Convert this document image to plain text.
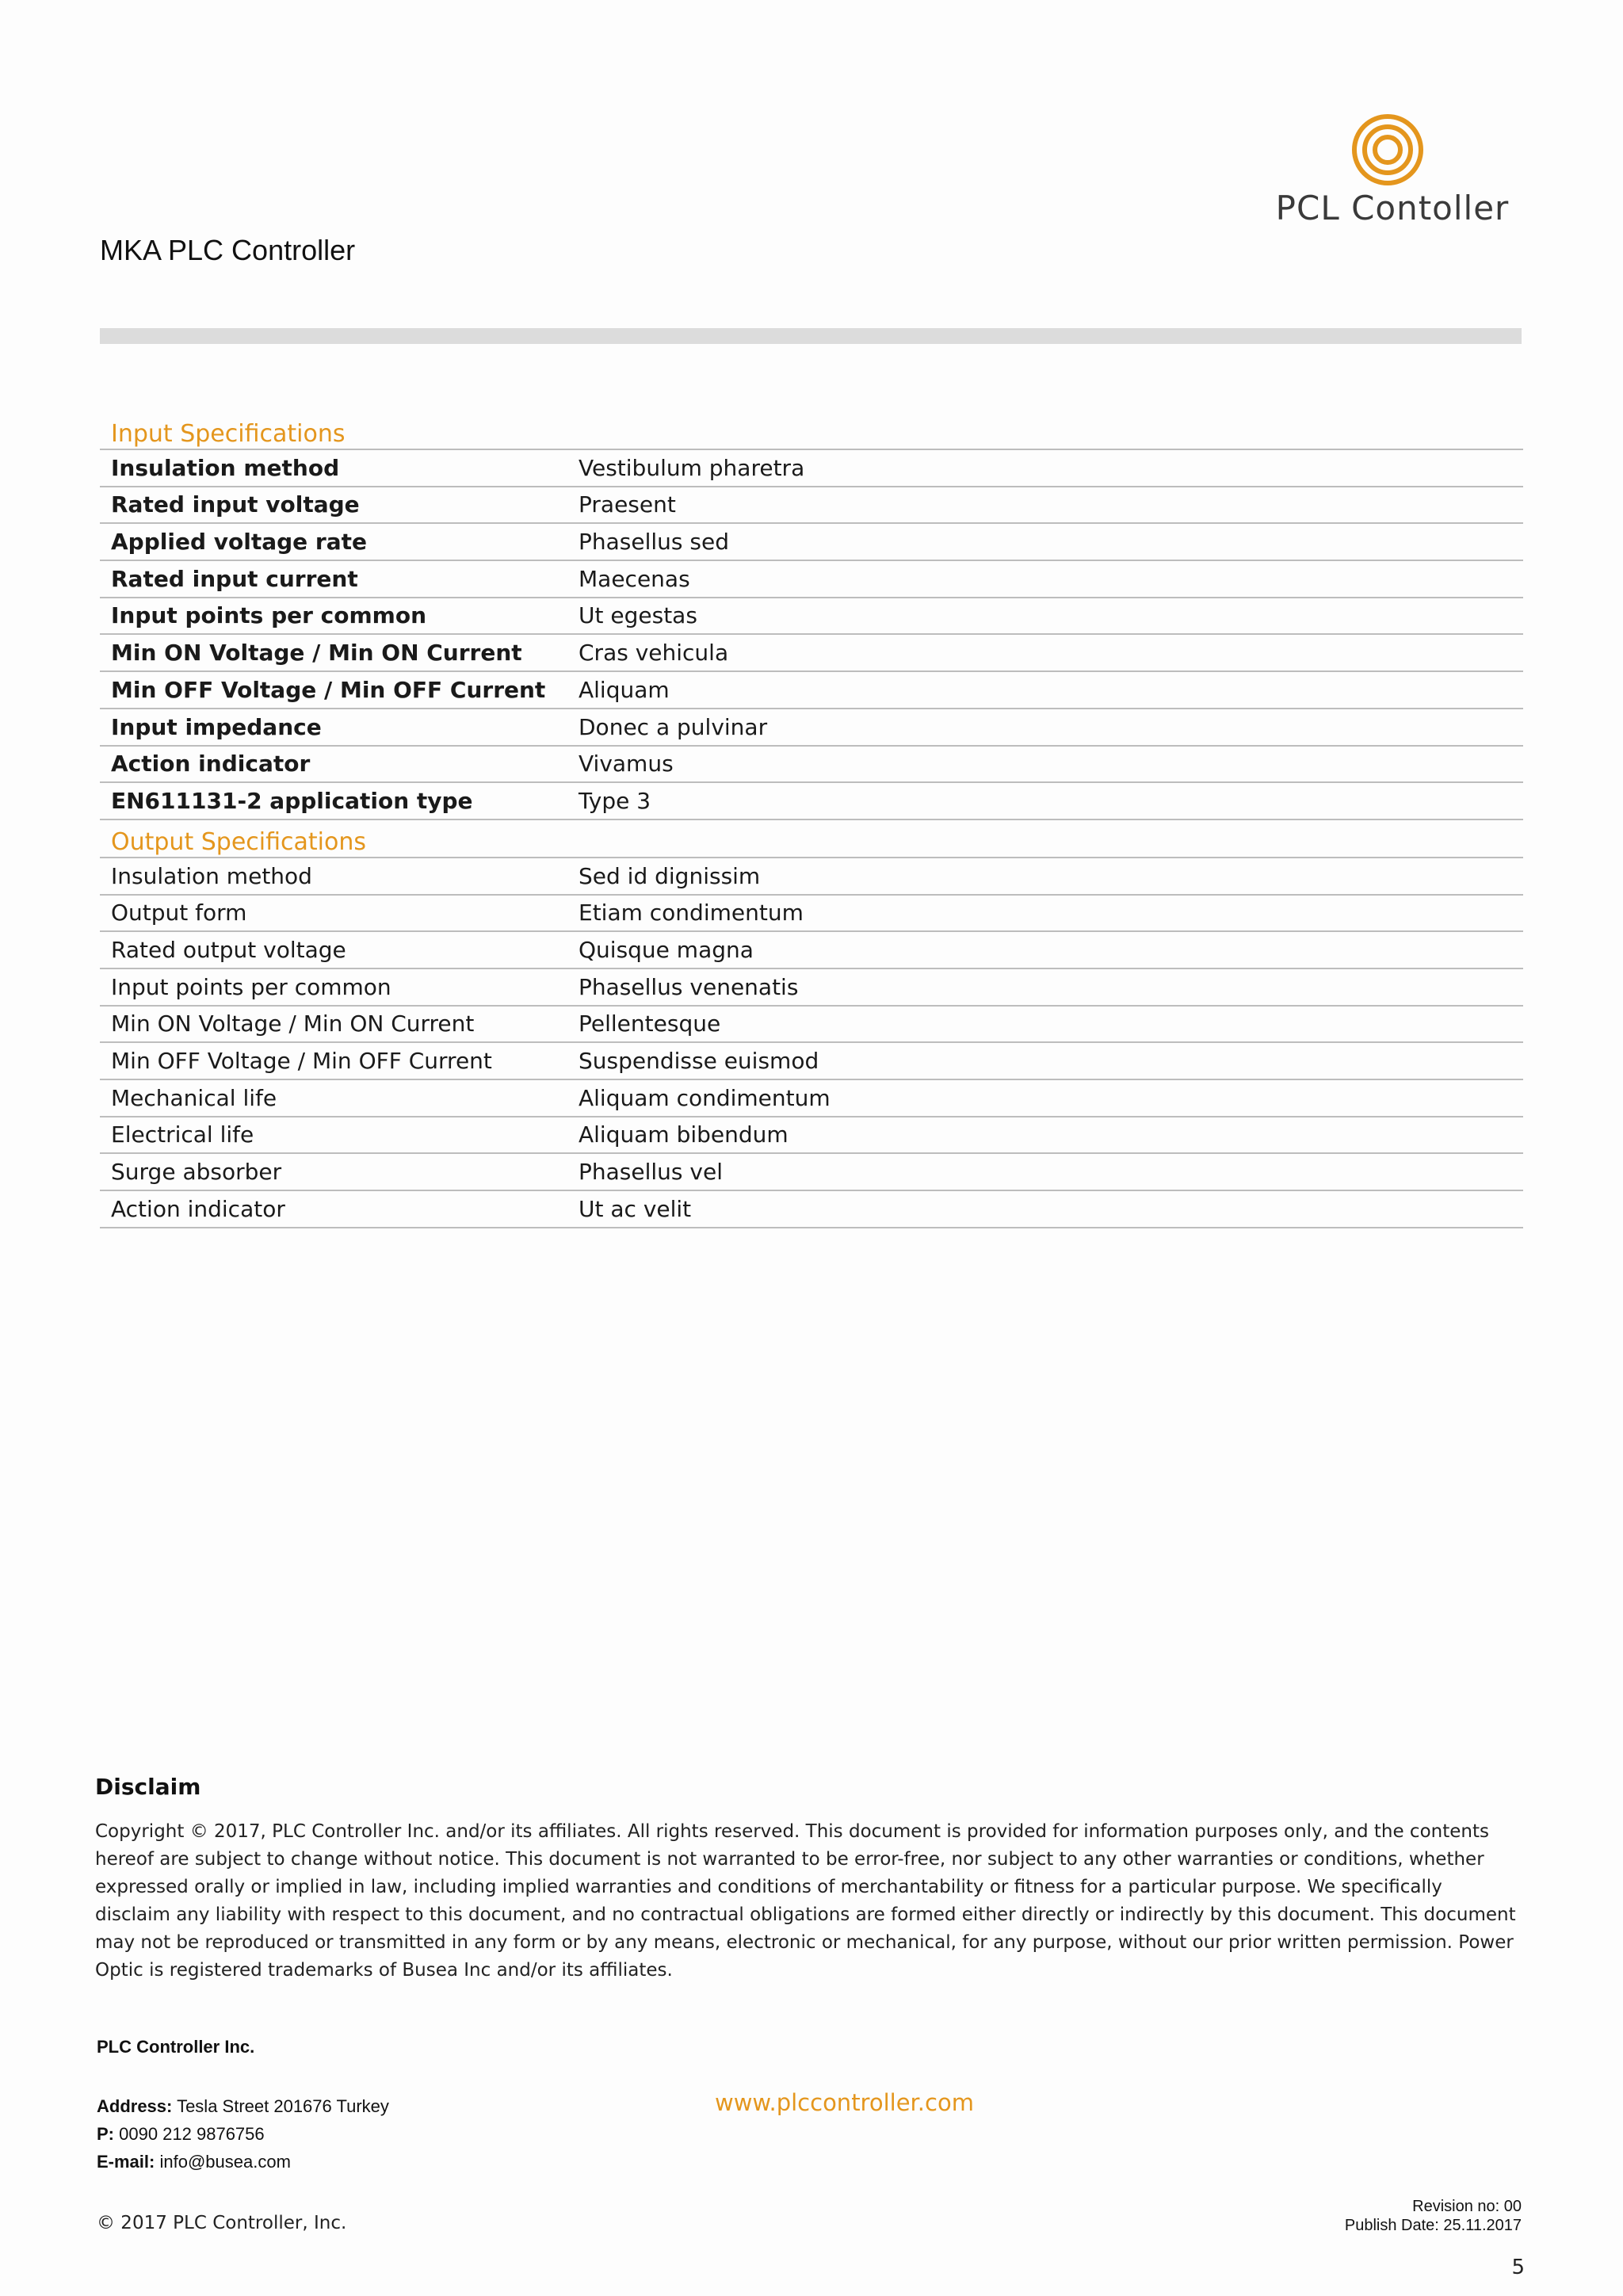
PCL Contoller
MKA PLC Controller
Input Specifications
Insulation method	Vestibulum pharetra
Rated input voltage	Praesent
Applied voltage rate	Phasellus sed
Rated input current	Maecenas
Input points per common	Ut egestas
Min ON Voltage / Min ON Current	Cras vehicula
Min OFF Voltage / Min OFF Current	Aliquam
Input impedance	Donec a pulvinar
Action indicator	Vivamus
EN611131-2 application type	Type 3
Output Specifications
Insulation method	Sed id dignissim
Output form	Etiam condimentum
Rated output voltage	Quisque magna
Input points per common	Phasellus venenatis
Min ON Voltage / Min ON Current	Pellentesque
Min OFF Voltage / Min OFF Current	Suspendisse euismod
Mechanical life	Aliquam condimentum
Electrical life	Aliquam bibendum
Surge absorber	Phasellus vel
Action indicator	Ut ac velit
Disclaim
Copyright © 2017, PLC Controller Inc. and/or its affiliates. All rights reserved. This document is provided for information purposes only, and the contents hereof are subject to change without notice. This document is not warranted to be error-free, nor subject to any other warranties or conditions, whether expressed orally or implied in law, including implied warranties and conditions of merchantability or fitness for a particular purpose. We specifically disclaim any liability with respect to this document, and no contractual obligations are formed either directly or indirectly by this document. This document may not be reproduced or transmitted in any form or by any means, electronic or mechanical, for any purpose, without our prior written permission. Power Optic is registered trademarks of Busea Inc and/or its affiliates.
PLC Controller Inc.
Address: Tesla Street 201676 Turkey
P: 0090 212 9876756
E-mail: info@busea.com
www.plccontroller.com
© 2017 PLC Controller, Inc.
Revision no: 00
Publish Date: 25.11.2017
5
